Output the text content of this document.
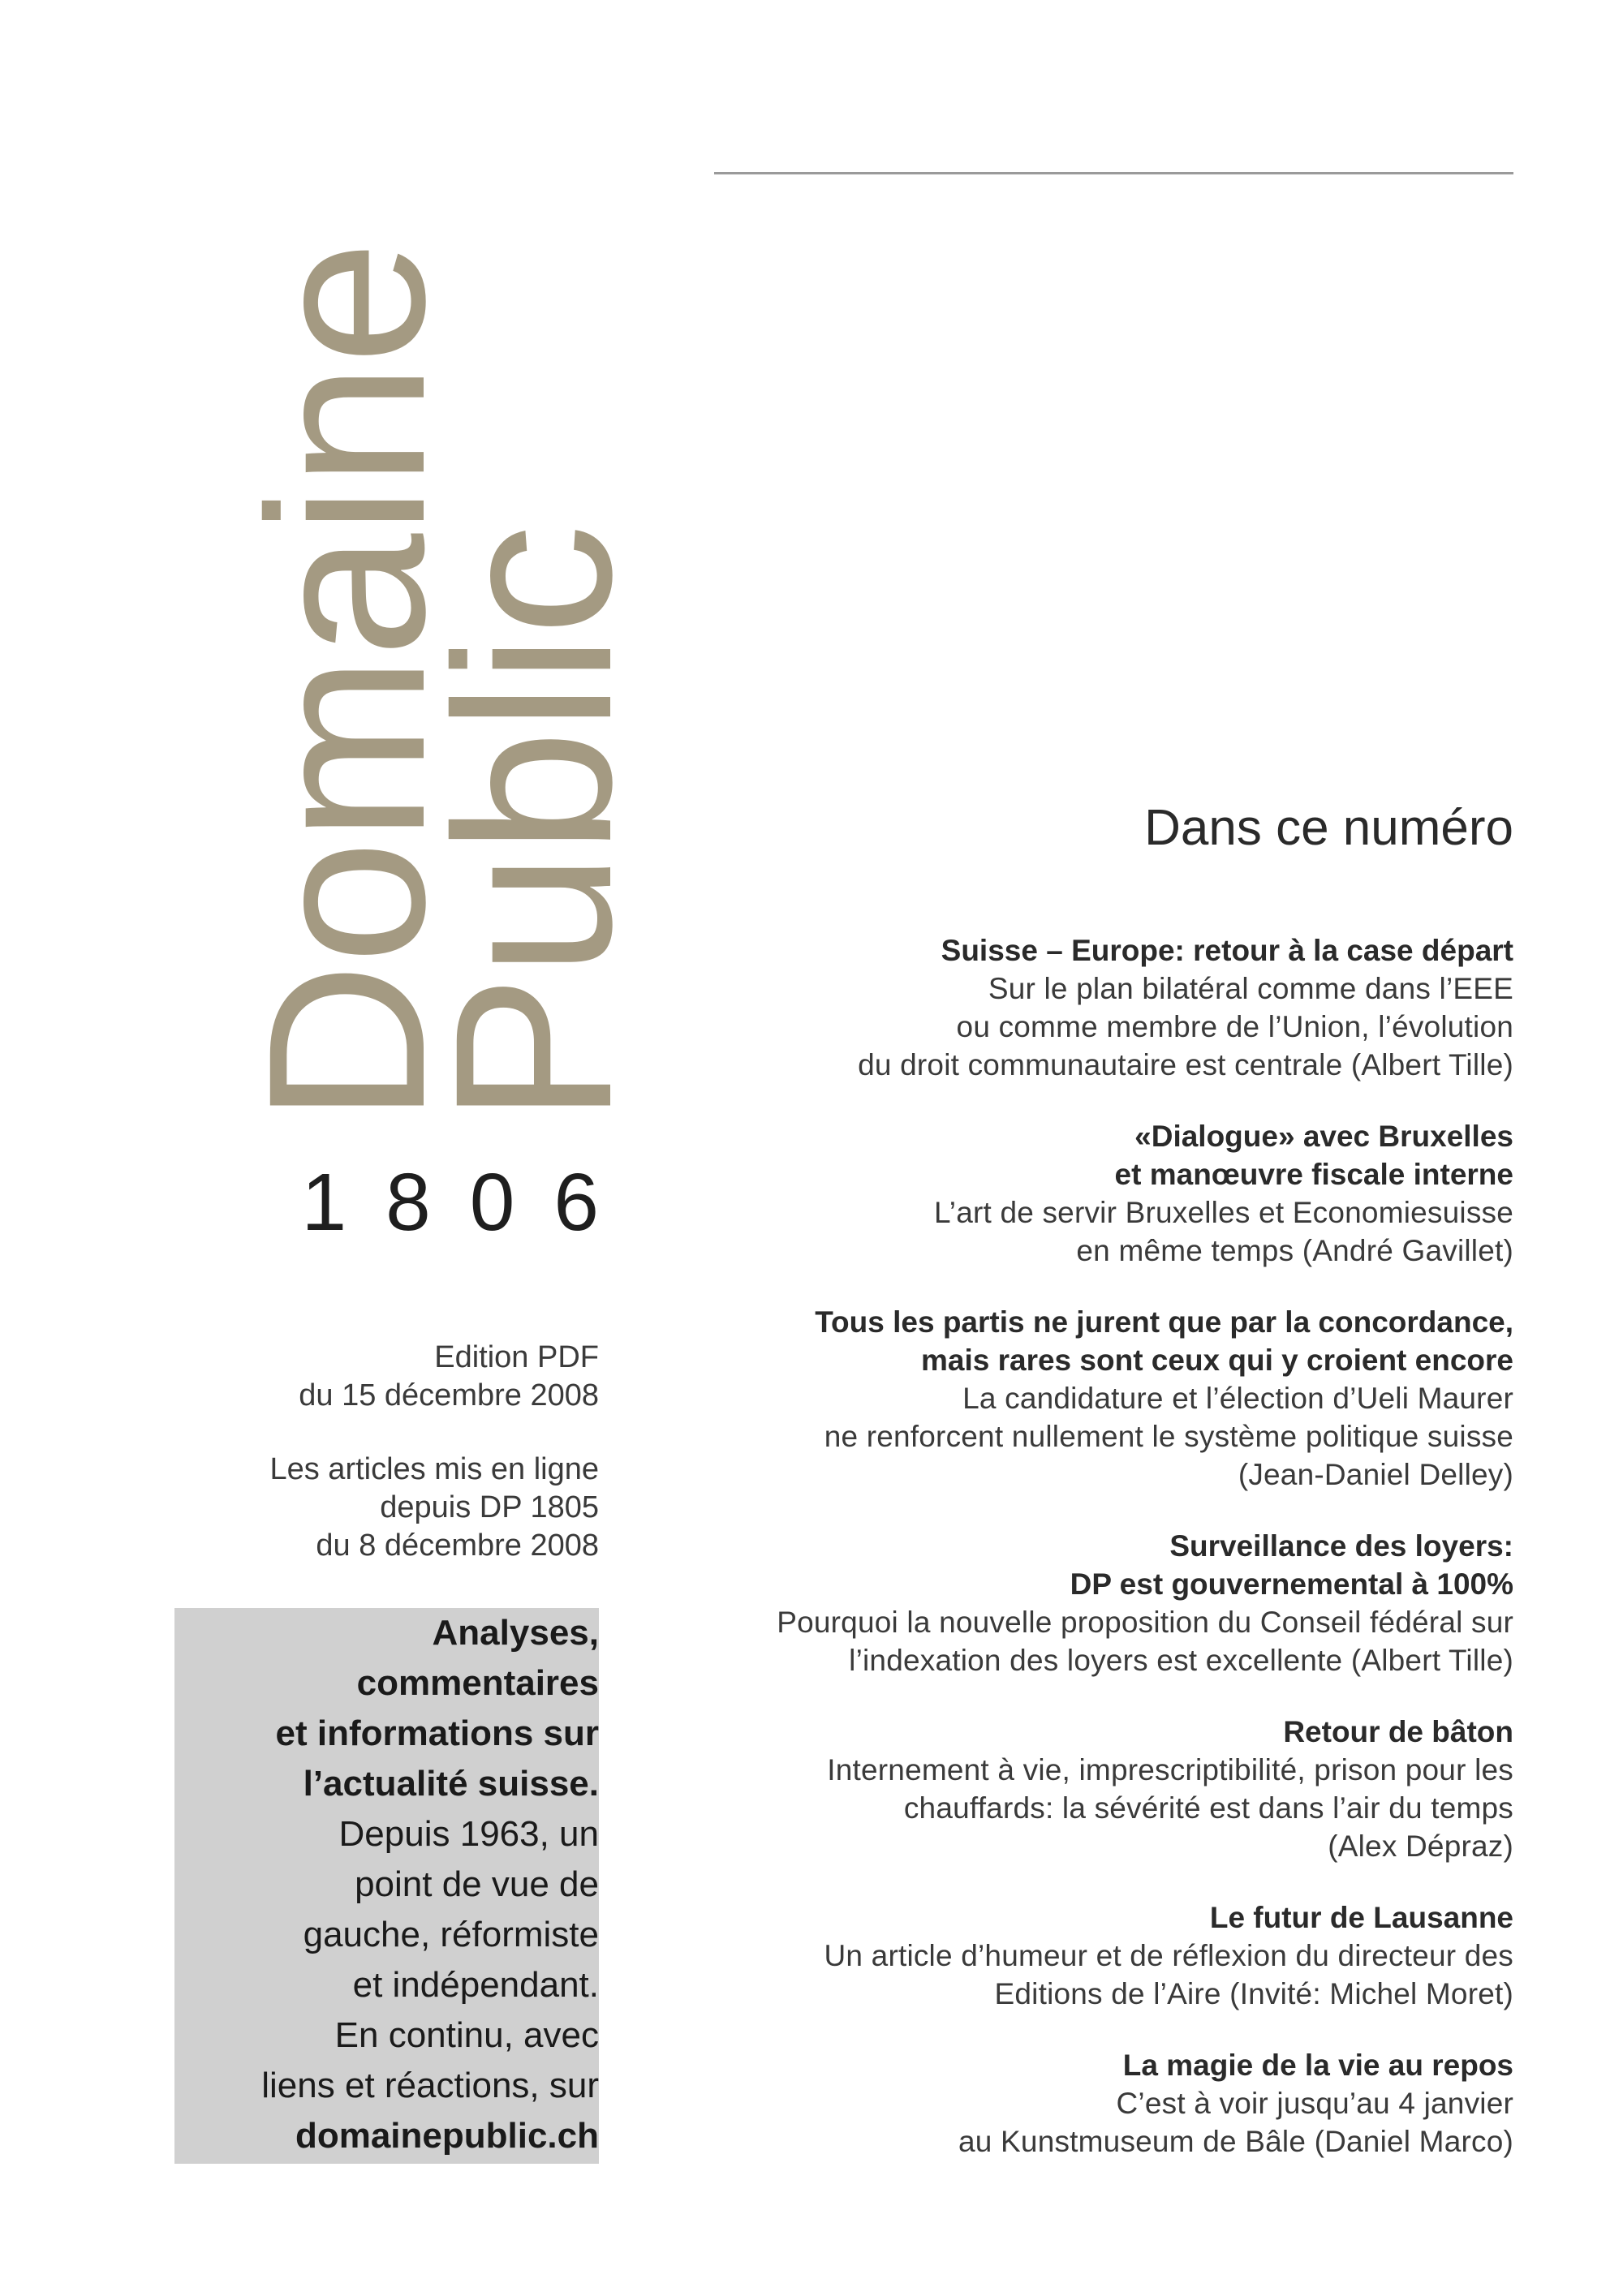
Domaine
Public
1806
Edition PDF
du 15 décembre 2008
Les articles mis en ligne
depuis DP 1805
du 8 décembre 2008
Analyses,
commentaires
et informations sur
l’actualité suisse.
Depuis 1963, un
point de vue de
gauche, réformiste
et indépendant.
En continu, avec
liens et réactions, sur
domainepublic.ch
Dans ce numéro
Suisse – Europe: retour à la case départ
Sur le plan bilatéral comme dans l’EEE
ou comme membre de l’Union, l’évolution
du droit communautaire est centrale (Albert Tille)
«Dialogue» avec Bruxelles
et manœuvre fiscale interne
L’art de servir Bruxelles et Economiesuisse
en même temps (André Gavillet)
Tous les partis ne jurent que par la concordance,
mais rares sont ceux qui y croient encore
La candidature et l’élection d’Ueli Maurer
ne renforcent nullement le système politique suisse
(Jean-Daniel Delley)
Surveillance des loyers:
DP est gouvernemental à 100%
Pourquoi la nouvelle proposition du Conseil fédéral sur
l’indexation des loyers est excellente (Albert Tille)
Retour de bâton
Internement à vie, imprescriptibilité, prison pour les
chauffards: la sévérité est dans l’air du temps
(Alex Dépraz)
Le futur de Lausanne
Un article d’humeur et de réflexion du directeur des
Editions de l’Aire (Invité: Michel Moret)
La magie de la vie au repos
C’est à voir jusqu’au 4 janvier
au Kunstmuseum de Bâle (Daniel Marco)
